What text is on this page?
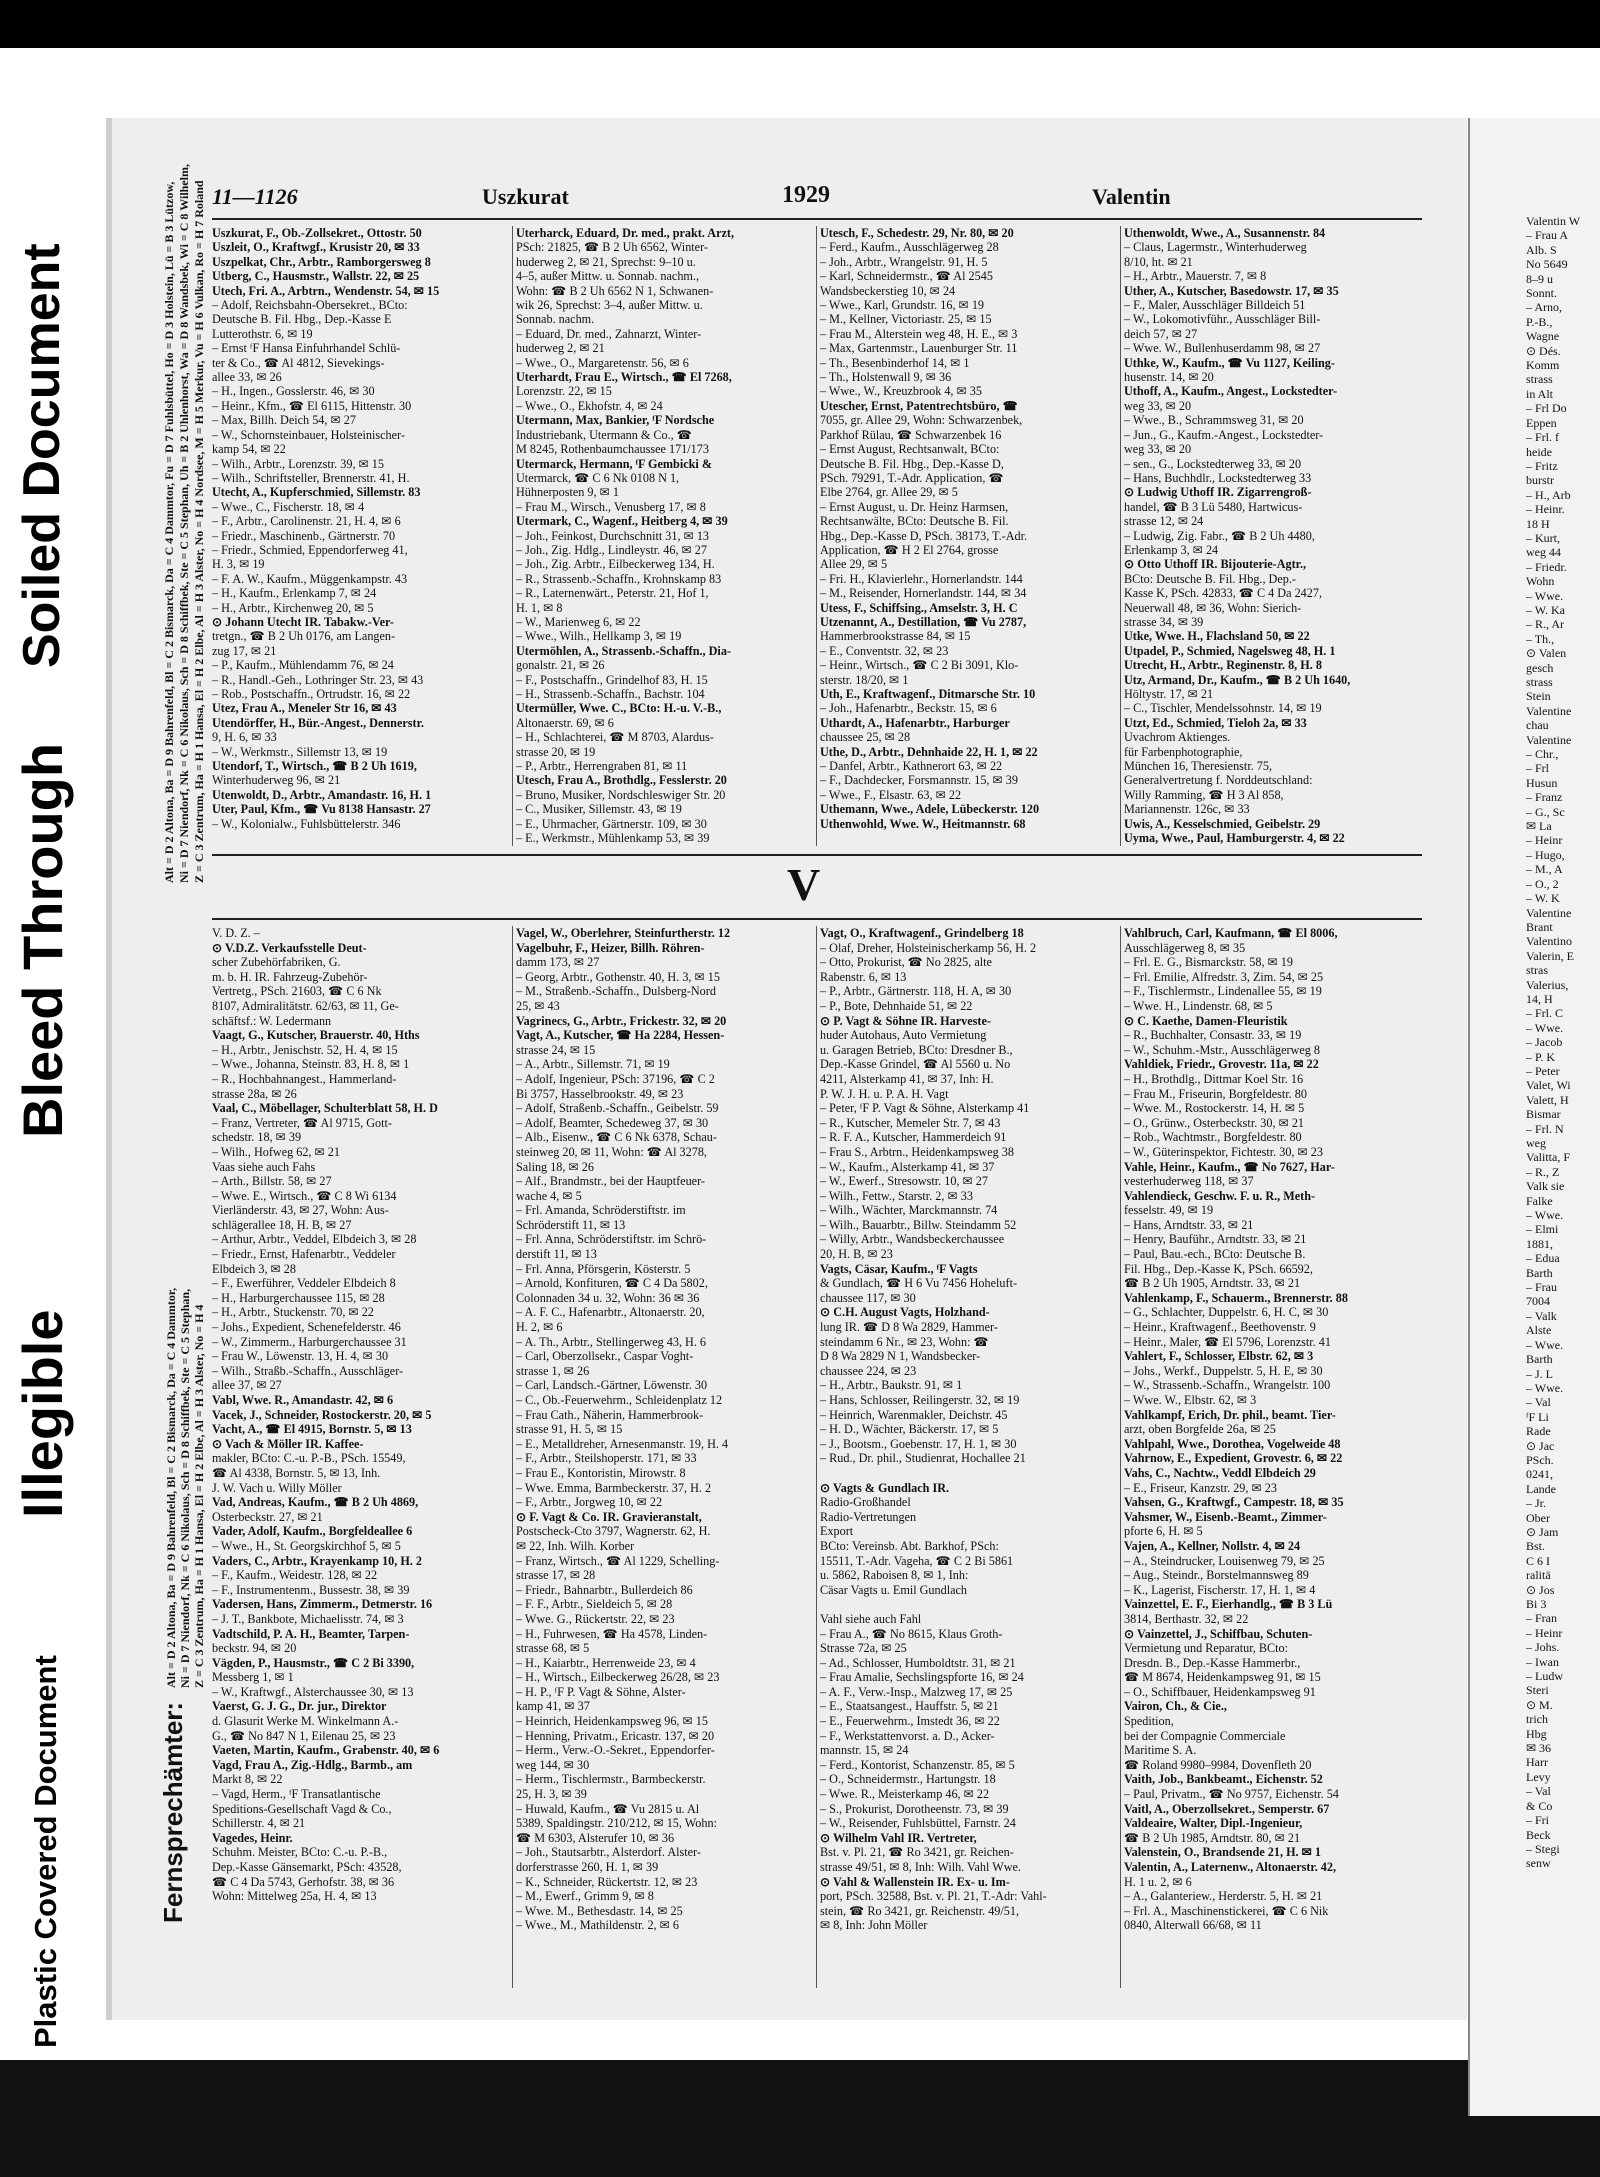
Plastic Covered Document
Illegible
Bleed Through
Soiled Document
11—1126	Uszkurat	1929	Valentin
Alt = D 2 Altona, Ba = D 9 Bahrenfeld, Bl = C 2 Bismarck, Da = C 4 Dammtor, Fu = D 7 Fuhlsbüttel, Ho = D 3 Holstein, Lü = B 3 Lützow, Ni = D 7 Niendorf, Nk = C 6 Nikolaus, Sch = D 8 Schiffbek, Ste = C 5 Stephan, Uh = B 2 Uhlenhorst, Wa = D 8 Wandsbek, Wi = C 8 Wilhelm, Z = C 3 Zentrum, Ha = H 1 Hansa, El = H 2 Elbe, Al = H 3 Alster, No = H 4 Nordsee, M = H 5 Merkur, Vu = H 6 Vulkan, Ro = H 7 Roland Uszkurat, F., Ob.-Zollsekret., Ottostr. 50
Uszleit, O., Kraftwgf., Krusistr 20, ✉ 33
Uszpelkat, Chr., Arbtr., Ramborgersweg 8
Utberg, C., Hausmstr., Wallstr. 22, ✉ 25
Utech, Fri. A., Arbtrn., Wendenstr. 54, ✉ 15
– Adolf, Reichsbahn-Obersekret., BCto:
Deutsche B. Fil. Hbg., Dep.-Kasse E
Lutterothstr. 6, ✉ 19
– Ernst ᶠF Hansa Einfuhrhandel Schlü-
ter & Co., ☎ Al 4812, Sievekings-
allee 33, ✉ 26
– H., Ingen., Gosslerstr. 46, ✉ 30
– Heinr., Kfm., ☎ El 6115, Hittenstr. 30
– Max, Billh. Deich 54, ✉ 27
– W., Schornsteinbauer, Holsteinischer-
kamp 54, ✉ 22
– Wilh., Arbtr., Lorenzstr. 39, ✉ 15
– Wilh., Schriftsteller, Brennerstr. 41, H.
Utecht, A., Kupferschmied, Sillemstr. 83
– Wwe., C., Fischerstr. 18, ✉ 4
– F., Arbtr., Carolinenstr. 21, H. 4, ✉ 6
– Friedr., Maschinenb., Gärtnerstr. 70
– Friedr., Schmied, Eppendorferweg 41,
H. 3, ✉ 19
– F. A. W., Kaufm., Müggenkampstr. 43
– H., Kaufm., Erlenkamp 7, ✉ 24
– H., Arbtr., Kirchenweg 20, ✉ 5
⊙ Johann Utecht IR. Tabakw.-Ver-
tretgn., ☎ B 2 Uh 0176, am Langen-
zug 17, ✉ 21
– P., Kaufm., Mühlendamm 76, ✉ 24
– R., Handl.-Geh., Lothringer Str. 23, ✉ 43
– Rob., Postschaffn., Ortrudstr. 16, ✉ 22
Utez, Frau A., Meneler Str 16, ✉ 43
Utendörffer, H., Bür.-Angest., Dennerstr.
9, H. 6, ✉ 33
– W., Werkmstr., Sillemstr 13, ✉ 19
Utendorf, T., Wirtsch., ☎ B 2 Uh 1619,
Winterhuderweg 96, ✉ 21
Utenwoldt, D., Arbtr., Amandastr. 16, H. 1
Uter, Paul, Kfm., ☎ Vu 8138 Hansastr. 27
– W., Kolonialw., Fuhlsbüttelerstr. 346
Uterharck, Eduard, Dr. med., prakt. Arzt,
PSch: 21825, ☎ B 2 Uh 6562, Winter-
huderweg 2, ✉ 21, Sprechst: 9–10 u.
4–5, außer Mittw. u. Sonnab. nachm.,
Wohn: ☎ B 2 Uh 6562 N 1, Schwanen-
wik 26, Sprechst: 3–4, außer Mittw. u.
Sonnab. nachm.
– Eduard, Dr. med., Zahnarzt, Winter-
huderweg 2, ✉ 21
– Wwe., O., Margaretenstr. 56, ✉ 6
Uterhardt, Frau E., Wirtsch., ☎ El 7268,
Lorenzstr. 22, ✉ 15
– Wwe., O., Ekhofstr. 4, ✉ 24
Utermann, Max, Bankier, ᶠF Nordsche
Industriebank, Utermann & Co., ☎
M 8245, Rothenbaumchaussee 171/173
Utermarck, Hermann, ᶠF Gembicki &
Utermarck, ☎ C 6 Nk 0108 N 1,
Hühnerposten 9, ✉ 1
– Frau M., Wirsch., Venusberg 17, ✉ 8
Utermark, C., Wagenf., Heitberg 4, ✉ 39
– Joh., Feinkost, Durchschnitt 31, ✉ 13
– Joh., Zig. Hdlg., Lindleystr. 46, ✉ 27
– Joh., Zig. Arbtr., Eilbeckerweg 134, H.
– R., Strassenb.-Schaffn., Krohnskamp 83
– R., Laternenwärt., Peterstr. 21, Hof 1,
H. 1, ✉ 8
– W., Marienweg 6, ✉ 22
– Wwe., Wilh., Hellkamp 3, ✉ 19
Utermöhlen, A., Strassenb.-Schaffn., Dia-
gonalstr. 21, ✉ 26
– F., Postschaffn., Grindelhof 83, H. 15
– H., Strassenb.-Schaffn., Bachstr. 104
Utermüller, Wwe. C., BCto: H.-u. V.-B.,
Altonaerstr. 69, ✉ 6
– H., Schlachterei, ☎ M 8703, Alardus-
strasse 20, ✉ 19
– P., Arbtr., Herrengraben 81, ✉ 11
Utesch, Frau A., Brothdlg., Fesslerstr. 20
– Bruno, Musiker, Nordschleswiger Str. 20
– C., Musiker, Sillemstr. 43, ✉ 19
– E., Uhrmacher, Gärtnerstr. 109, ✉ 30
– E., Werkmstr., Mühlenkamp 53, ✉ 39
Utesch, F., Schedestr. 29, Nr. 80, ✉ 20
– Ferd., Kaufm., Ausschlägerweg 28
– Joh., Arbtr., Wrangelstr. 91, H. 5
– Karl, Schneidermstr., ☎ Al 2545
Wandsbeckerstieg 10, ✉ 24
– Wwe., Karl, Grundstr. 16, ✉ 19
– M., Kellner, Victoriastr. 25, ✉ 15
– Frau M., Alterstein weg 48, H. E., ✉ 3
– Max, Gartenmstr., Lauenburger Str. 11
– Th., Besenbinderhof 14, ✉ 1
– Th., Holstenwall 9, ✉ 36
– Wwe., W., Kreuzbrook 4, ✉ 35
Utescher, Ernst, Patentrechtsbüro, ☎
7055, gr. Allee 29, Wohn: Schwarzenbek,
Parkhof Rülau, ☎ Schwarzenbek 16
– Ernst August, Rechtsanwalt, BCto:
Deutsche B. Fil. Hbg., Dep.-Kasse D,
PSch. 79291, T.-Adr. Application, ☎
Elbe 2764, gr. Allee 29, ✉ 5
– Ernst August, u. Dr. Heinz Harmsen,
Rechtsanwälte, BCto: Deutsche B. Fil.
Hbg., Dep.-Kasse D, PSch. 38173, T.-Adr.
Application, ☎ H 2 El 2764, grosse
Allee 29, ✉ 5
– Fri. H., Klavierlehr., Hornerlandstr. 144
– M., Reisender, Hornerlandstr. 144, ✉ 34
Utess, F., Schiffsing., Amselstr. 3, H. C
Utzenannt, A., Destillation, ☎ Vu 2787,
Hammerbrookstrasse 84, ✉ 15
– E., Conventstr. 32, ✉ 23
– Heinr., Wirtsch., ☎ C 2 Bi 3091, Klo-
sterstr. 18/20, ✉ 1
Uth, E., Kraftwagenf., Ditmarsche Str. 10
– Joh., Hafenarbtr., Beckstr. 15, ✉ 6
Uthardt, A., Hafenarbtr., Harburger
chaussee 25, ✉ 28
Uthe, D., Arbtr., Dehnhaide 22, H. 1, ✉ 22
– Danfel, Arbtr., Kathnerort 63, ✉ 22
– F., Dachdecker, Forsmannstr. 15, ✉ 39
– Wwe., F., Elsastr. 63, ✉ 22
Uthemann, Wwe., Adele, Lübeckerstr. 120
Uthenwohld, Wwe. W., Heitmannstr. 68
Uthenwoldt, Wwe., A., Susannenstr. 84
– Claus, Lagermstr., Winterhuderweg
8/10, ht. ✉ 21
– H., Arbtr., Mauerstr. 7, ✉ 8
Uther, A., Kutscher, Basedowstr. 17, ✉ 35
– F., Maler, Ausschläger Billdeich 51
– W., Lokomotivführ., Ausschläger Bill-
deich 57, ✉ 27
– Wwe. W., Bullenhuserdamm 98, ✉ 27
Uthke, W., Kaufm., ☎ Vu 1127, Keiling-
husenstr. 14, ✉ 20
Uthoff, A., Kaufm., Angest., Lockstedter-
weg 33, ✉ 20
– Wwe., B., Schrammsweg 31, ✉ 20
– Jun., G., Kaufm.-Angest., Lockstedter-
weg 33, ✉ 20
– sen., G., Lockstedterweg 33, ✉ 20
– Hans, Buchhdlr., Lockstedterweg 33
⊙ Ludwig Uthoff IR. Zigarrengroß-
handel, ☎ B 3 Lü 5480, Hartwicus-
strasse 12, ✉ 24
– Ludwig, Zig. Fabr., ☎ B 2 Uh 4480,
Erlenkamp 3, ✉ 24
⊙ Otto Uthoff IR. Bijouterie-Agtr.,
BCto: Deutsche B. Fil. Hbg., Dep.-
Kasse K, PSch. 42833, ☎ C 4 Da 2427,
Neuerwall 48, ✉ 36, Wohn: Sierich-
strasse 34, ✉ 39
Utke, Wwe. H., Flachsland 50, ✉ 22
Utpadel, P., Schmied, Nagelsweg 48, H. 1
Utrecht, H., Arbtr., Reginenstr. 8, H. 8
Utz, Armand, Dr., Kaufm., ☎ B 2 Uh 1640,
Höltystr. 17, ✉ 21
– C., Tischler, Mendelssohnstr. 14, ✉ 19
Utzt, Ed., Schmied, Tieloh 2a, ✉ 33
Uvachrom Aktienges.
für Farbenphotographie,
München 16, Theresienstr. 75,
Generalvertretung f. Norddeutschland:
Willy Ramming, ☎ H 3 Al 858,
Mariannenstr. 126c, ✉ 33
Uwis, A., Kesselschmied, Geibelstr. 29
Uyma, Wwe., Paul, Hamburgerstr. 4, ✉ 22
V
V. D. Z. –
⊙ V.D.Z. Verkaufsstelle Deut-
scher Zubehörfabriken, G.
m. b. H. IR. Fahrzeug-Zubehör-
Vertretg., PSch. 21603, ☎ C 6 Nk
8107, Admiralitätstr. 62/63, ✉ 11, Ge-
schäftsf.: W. Ledermann
Vaagt, G., Kutscher, Brauerstr. 40, Hths
– H., Arbtr., Jenischstr. 52, H. 4, ✉ 15
– Wwe., Johanna, Steinstr. 83, H. 8, ✉ 1
– R., Hochbahnangest., Hammerland-
strasse 28a, ✉ 26
Vaal, C., Möbellager, Schulterblatt 58, H. D
– Franz, Vertreter, ☎ Al 9715, Gott-
schedstr. 18, ✉ 39
– Wilh., Hofweg 62, ✉ 21
Vaas siehe auch Fahs
– Arth., Billstr. 58, ✉ 27
– Wwe. E., Wirtsch., ☎ C 8 Wi 6134
Vierländerstr. 43, ✉ 27, Wohn: Aus-
schlägerallee 18, H. B, ✉ 27
– Arthur, Arbtr., Veddel, Elbdeich 3, ✉ 28
– Friedr., Ernst, Hafenarbtr., Veddeler
Elbdeich 3, ✉ 28
– F., Ewerführer, Veddeler Elbdeich 8
– H., Harburgerchaussee 115, ✉ 28
– H., Arbtr., Stuckenstr. 70, ✉ 22
– Johs., Expedient, Schenefelderstr. 46
– W., Zimmerm., Harburgerchaussee 31
– Frau W., Löwenstr. 13, H. 4, ✉ 30
– Wilh., Straßb.-Schaffn., Ausschläger-
allee 37, ✉ 27
Vabl, Wwe. R., Amandastr. 42, ✉ 6
Vacek, J., Schneider, Rostockerstr. 20, ✉ 5
Vacht, A., ☎ El 4915, Bornstr. 5, ✉ 13
⊙ Vach & Möller IR. Kaffee-
makler, BCto: C.-u. P.-B., PSch. 15549,
☎ Al 4338, Bornstr. 5, ✉ 13, Inh.
J. W. Vach u. Willy Möller
Vad, Andreas, Kaufm., ☎ B 2 Uh 4869,
Osterbeckstr. 27, ✉ 21
Vader, Adolf, Kaufm., Borgfeldeallee 6
– Wwe., H., St. Georgskirchhof 5, ✉ 5
Vaders, C., Arbtr., Krayenkamp 10, H. 2
– F., Kaufm., Weidestr. 128, ✉ 22
– F., Instrumentenm., Bussestr. 38, ✉ 39
Vadersen, Hans, Zimmerm., Detmerstr. 16
– J. T., Bankbote, Michaelisstr. 74, ✉ 3
Vadtschild, P. A. H., Beamter, Tarpen-
beckstr. 94, ✉ 20
Vägden, P., Hausmstr., ☎ C 2 Bi 3390,
Messberg 1, ✉ 1
– W., Kraftwgf., Alsterchaussee 30, ✉ 13
Vaerst, G. J. G., Dr. jur., Direktor
d. Glasurit Werke M. Winkelmann A.-
G., ☎ No 847 N 1, Eilenau 25, ✉ 23
Vaeten, Martin, Kaufm., Grabenstr. 40, ✉ 6
Vagd, Frau A., Zig.-Hdlg., Barmb., am
Markt 8, ✉ 22
– Vagd, Herm., ᶠF Transatlantische
Speditions-Gesellschaft Vagd & Co.,
Schillerstr. 4, ✉ 21
Vagedes, Heinr.
Schuhm. Meister, BCto: C.-u. P.-B.,
Dep.-Kasse Gänsemarkt, PSch: 43528,
☎ C 4 Da 5743, Gerhofstr. 38, ✉ 36
Wohn: Mittelweg 25a, H. 4, ✉ 13
Vagel, W., Oberlehrer, Steinfurtherstr. 12
Vagelbuhr, F., Heizer, Billh. Röhren-
damm 173, ✉ 27
– Georg, Arbtr., Gothenstr. 40, H. 3, ✉ 15
– M., Straßenb.-Schaffn., Dulsberg-Nord
25, ✉ 43
Vagrinecs, G., Arbtr., Frickestr. 32, ✉ 20
Vagt, A., Kutscher, ☎ Ha 2284, Hessen-
strasse 24, ✉ 15
– A., Arbtr., Sillemstr. 71, ✉ 19
– Adolf, Ingenieur, PSch: 37196, ☎ C 2
Bi 3757, Hasselbrookstr. 49, ✉ 23
– Adolf, Straßenb.-Schaffn., Geibelstr. 59
– Adolf, Beamter, Schedeweg 37, ✉ 30
– Alb., Eisenw., ☎ C 6 Nk 6378, Schau-
steinweg 20, ✉ 11, Wohn: ☎ Al 3278,
Saling 18, ✉ 26
– Alf., Brandmstr., bei der Hauptfeuer-
wache 4, ✉ 5
– Frl. Amanda, Schröderstiftstr. im
Schröderstift 11, ✉ 13
– Frl. Anna, Schröderstiftstr. im Schrö-
derstift 11, ✉ 13
– Frl. Anna, Pförsgerin, Kösterstr. 5
– Arnold, Konfituren, ☎ C 4 Da 5802,
Colonnaden 34 u. 32, Wohn: 36 ✉ 36
– A. F. C., Hafenarbtr., Altonaerstr. 20,
H. 2, ✉ 6
– A. Th., Arbtr., Stellingerweg 43, H. 6
– Carl, Oberzollsekr., Caspar Voght-
strasse 1, ✉ 26
– Carl, Landsch.-Gärtner, Löwenstr. 30
– C., Ob.-Feuerwehrm., Schleidenplatz 12
– Frau Cath., Näherin, Hammerbrook-
strasse 91, H. 5, ✉ 15
– E., Metalldreher, Arnesenmanstr. 19, H. 4
– F., Arbtr., Steilshoperstr. 171, ✉ 33
– Frau E., Kontoristin, Mirowstr. 8
– Wwe. Emma, Barmbeckerstr. 37, H. 2
– F., Arbtr., Jorgweg 10, ✉ 22
⊙ F. Vagt & Co. IR. Gravieranstalt,
Postscheck-Cto 3797, Wagnerstr. 62, H.
✉ 22, Inh. Wilh. Korber
– Franz, Wirtsch., ☎ Al 1229, Schelling-
strasse 17, ✉ 28
– Friedr., Bahnarbtr., Bullerdeich 86
– F. F., Arbtr., Sieldeich 5, ✉ 28
– Wwe. G., Rückertstr. 22, ✉ 23
– H., Fuhrwesen, ☎ Ha 4578, Linden-
strasse 68, ✉ 5
– H., Kaiarbtr., Herrenweide 23, ✉ 4
– H., Wirtsch., Eilbeckerweg 26/28, ✉ 23
– H. P., ᶠF P. Vagt & Söhne, Alster-
kamp 41, ✉ 37
– Heinrich, Heidenkampsweg 96, ✉ 15
– Henning, Privatm., Ericastr. 137, ✉ 20
– Herm., Verw.-O.-Sekret., Eppendorfer-
weg 144, ✉ 30
– Herm., Tischlermstr., Barmbeckerstr.
25, H. 3, ✉ 39
– Huwald, Kaufm., ☎ Vu 2815 u. Al
5389, Spaldingstr. 210/212, ✉ 15, Wohn:
☎ M 6303, Alsterufer 10, ✉ 36
– Joh., Stautsarbtr., Alsterdorf. Alster-
dorferstrasse 260, H. 1, ✉ 39
– K., Schneider, Rückertstr. 12, ✉ 23
– M., Ewerf., Grimm 9, ✉ 8
– Wwe. M., Bethesdastr. 14, ✉ 25
– Wwe., M., Mathildenstr. 2, ✉ 6
Vagt, O., Kraftwagenf., Grindelberg 18
– Olaf, Dreher, Holsteinischerkamp 56, H. 2
– Otto, Prokurist, ☎ No 2825, alte
Rabenstr. 6, ✉ 13
– P., Arbtr., Gärtnerstr. 118, H. A, ✉ 30
– P., Bote, Dehnhaide 51, ✉ 22
⊙ P. Vagt & Söhne IR. Harveste-
huder Autohaus, Auto Vermietung
u. Garagen Betrieb, BCto: Dresdner B.,
Dep.-Kasse Grindel, ☎ Al 5560 u. No
4211, Alsterkamp 41, ✉ 37, Inh: H.
P. W. J. H. u. P. A. H. Vagt
– Peter, ᶠF P. Vagt & Söhne, Alsterkamp 41
– R., Kutscher, Memeler Str. 7, ✉ 43
– R. F. A., Kutscher, Hammerdeich 91
– Frau S., Arbtrn., Heidenkampsweg 38
– W., Kaufm., Alsterkamp 41, ✉ 37
– W., Ewerf., Stresowstr. 10, ✉ 27
– Wilh., Fettw., Starstr. 2, ✉ 33
– Wilh., Wächter, Marckmannstr. 74
– Wilh., Bauarbtr., Billw. Steindamm 52
– Willy, Arbtr., Wandsbeckerchaussee
20, H. B, ✉ 23
Vagts, Cäsar, Kaufm., ᶠF Vagts
& Gundlach, ☎ H 6 Vu 7456 Hoheluft-
chaussee 117, ✉ 30
⊙ C.H. August Vagts, Holzhand-
lung IR. ☎ D 8 Wa 2829, Hammer-
steindamm 6 Nr., ✉ 23, Wohn: ☎
D 8 Wa 2829 N 1, Wandsbecker-
chaussee 224, ✉ 23
– H., Arbtr., Baukstr. 91, ✉ 1
– Hans, Schlosser, Reilingerstr. 32, ✉ 19
– Heinrich, Warenmakler, Deichstr. 45
– H. D., Wächter, Bäckerstr. 17, ✉ 5
– J., Bootsm., Goebenstr. 17, H. 1, ✉ 30
– Rud., Dr. phil., Studienrat, Hochallee 21

⊙ Vagts & Gundlach IR.
Radio-Großhandel
Radio-Vertretungen
Export
BCto: Vereinsb. Abt. Barkhof, PSch:
15511, T.-Adr. Vageha, ☎ C 2 Bi 5861
u. 5862, Raboisen 8, ✉ 1, Inh:
Cäsar Vagts u. Emil Gundlach

Vahl siehe auch Fahl
– Frau A., ☎ No 8615, Klaus Groth-
Strasse 72a, ✉ 25
– Ad., Schlosser, Humboldtstr. 31, ✉ 21
– Frau Amalie, Sechslingspforte 16, ✉ 24
– A. F., Verw.-Insp., Malzweg 17, ✉ 25
– E., Staatsangest., Hauffstr. 5, ✉ 21
– E., Feuerwehrm., Imstedt 36, ✉ 22
– F., Werkstattenvorst. a. D., Acker-
mannstr. 15, ✉ 24
– Ferd., Kontorist, Schanzenstr. 85, ✉ 5
– O., Schneidermstr., Hartungstr. 18
– Wwe. R., Meisterkamp 46, ✉ 22
– S., Prokurist, Dorotheenstr. 73, ✉ 39
– W., Reisender, Fuhlsbüttel, Farnstr. 24
⊙ Wilhelm Vahl IR. Vertreter,
Bst. v. Pl. 21, ☎ Ro 3421, gr. Reichen-
strasse 49/51, ✉ 8, Inh: Wilh. Vahl Wwe.
⊙ Vahl & Wallenstein IR. Ex- u. Im-
port, PSch. 32588, Bst. v. Pl. 21, T.-Adr: Vahl-
stein, ☎ Ro 3421, gr. Reichenstr. 49/51,
✉ 8, Inh: John Möller
Vahlbruch, Carl, Kaufmann, ☎ El 8006,
Ausschlägerweg 8, ✉ 35
– Frl. E. G., Bismarckstr. 58, ✉ 19
– Frl. Emilie, Alfredstr. 3, Zim. 54, ✉ 25
– F., Tischlermstr., Lindenallee 55, ✉ 19
– Wwe. H., Lindenstr. 68, ✉ 5
⊙ C. Kaethe, Damen-Fleuristik
– R., Buchhalter, Consastr. 33, ✉ 19
– W., Schuhm.-Mstr., Ausschlägerweg 8
Vahldiek, Friedr., Grovestr. 11a, ✉ 22
– H., Brothdlg., Dittmar Koel Str. 16
– Frau M., Friseurin, Borgfeldestr. 80
– Wwe. M., Rostockerstr. 14, H. ✉ 5
– O., Grünw., Osterbeckstr. 30, ✉ 21
– Rob., Wachtmstr., Borgfeldestr. 80
– W., Güterinspektor, Fichtestr. 30, ✉ 23
Vahle, Heinr., Kaufm., ☎ No 7627, Har-
vesterhuderweg 118, ✉ 37
Vahlendieck, Geschw. F. u. R., Meth-
fesselstr. 49, ✉ 19
– Hans, Arndtstr. 33, ✉ 21
– Henry, Bauführ., Arndtstr. 33, ✉ 21
– Paul, Bau.-ech., BCto: Deutsche B.
Fil. Hbg., Dep.-Kasse K, PSch. 66592,
☎ B 2 Uh 1905, Arndtstr. 33, ✉ 21
Vahlenkamp, F., Schauerm., Brennerstr. 88
– G., Schlachter, Duppelstr. 6, H. C, ✉ 30
– Heinr., Kraftwagenf., Beethovenstr. 9
– Heinr., Maler, ☎ El 5796, Lorenzstr. 41
Vahlert, F., Schlosser, Elbstr. 62, ✉ 3
– Johs., Werkf., Duppelstr. 5, H. E, ✉ 30
– W., Strassenb.-Schaffn., Wrangelstr. 100
– Wwe. W., Elbstr. 62, ✉ 3
Vahlkampf, Erich, Dr. phil., beamt. Tier-
arzt, oben Borgfelde 26a, ✉ 25
Vahlpahl, Wwe., Dorothea, Vogelweide 48
Vahrnow, E., Expedient, Grovestr. 6, ✉ 22
Vahs, C., Nachtw., Veddl Elbdeich 29
– E., Friseur, Kanzstr. 29, ✉ 23
Vahsen, G., Kraftwgf., Campestr. 18, ✉ 35
Vahsmer, W., Eisenb.-Beamt., Zimmer-
pforte 6, H. ✉ 5
Vajen, A., Kellner, Nollstr. 4, ✉ 24
– A., Steindrucker, Louisenweg 79, ✉ 25
– Aug., Steindr., Borstelmannsweg 89
– K., Lagerist, Fischerstr. 17, H. 1, ✉ 4
Vainzettel, E. F., Eierhandlg., ☎ B 3 Lü
3814, Berthastr. 32, ✉ 22
⊙ Vainzettel, J., Schiffbau, Schuten-
Vermietung und Reparatur, BCto:
Dresdn. B., Dep.-Kasse Hammerbr.,
☎ M 8674, Heidenkampsweg 91, ✉ 15
– O., Schiffbauer, Heidenkampsweg 91
Vairon, Ch., & Cie.,
Spedition,
bei der Compagnie Commerciale
Maritime S. A.
☎ Roland 9980–9984, Dovenfleth 20
Vaith, Job., Bankbeamt., Eichenstr. 52
– Paul, Privatm., ☎ No 9757, Eichenstr. 54
Vaitl, A., Oberzollsekret., Semperstr. 67
Valdeaire, Walter, Dipl.-Ingenieur,
☎ B 2 Uh 1985, Arndtstr. 80, ✉ 21
Valenstein, O., Brandsende 21, H. ✉ 1
Valentin, A., Laternenw., Altonaerstr. 42,
H. 1 u. 2, ✉ 6
– A., Galanteriew., Herderstr. 5, H. ✉ 21
– Frl. A., Maschinenstickerei, ☎ C 6 Nik
0840, Alterwall 66/68, ✉ 11
Fernsprechämter:
Alt = D 2 Altona, Ba = D 9 Bahrenfeld, Bl = C 2 Bismarck, Da = C 4 Dammtor, Ni = D 7 Niendorf, Nk = C 6 Nikolaus, Sch = D 8 Schiffbek, Ste = C 5 Stephan, Z = C 3 Zentrum, Ha = H 1 Hansa, El = H 2 Elbe, Al = H 3 Alster, No = H 4
Valentin W
– Frau A
Alb. S
No 5649
8–9 u
Sonnt.
– Arno,
P.-B.,
Wagne
⊙ Dés.
Komm
strass
in Alt
– Frl Do
Eppen
– Frl. f
heide
– Fritz
burstr
– H., Arb
– Heinr.
18 H
– Kurt,
weg 44
– Friedr.
Wohn
– Wwe.
– W. Ka
– R., Ar
– Th.,
⊙ Valen
gesch
strass
Stein
Valentine
chau
Valentine
– Chr.,
– Frl
Husun
– Franz
– G., Sc
✉ La
– Heinr
– Hugo,
– M., A
– O., 2
– W. K
Valentine
Brant
Valentino
Valerin, E
stras
Valerius,
14, H
– Frl. C
– Wwe.
– Jacob
– P. K
– Peter
Valet, Wi
Valett, H
Bismar
– Frl. N
weg
Valitta, F
– R., Z
Valk sie
Falke
– Wwe.
– Elmi
1881,
– Edua
Barth
– Frau
7004
– Valk
Alste
– Wwe.
Barth
– J. L
– Wwe.
– Val
ᶠF Li
Rade
⊙ Jac
PSch.
0241,
Lande
– Jr.
Ober
⊙ Jam
Bst.
C 6 I
ralitä
⊙ Jos
Bi 3
– Fran
– Heinr
– Johs.
– Iwan
– Ludw
Steri
⊙ M.
trich
Hbg
✉ 36
Harr
Levy
– Val
& Co
– Fri
Beck
– Stegi
senw
